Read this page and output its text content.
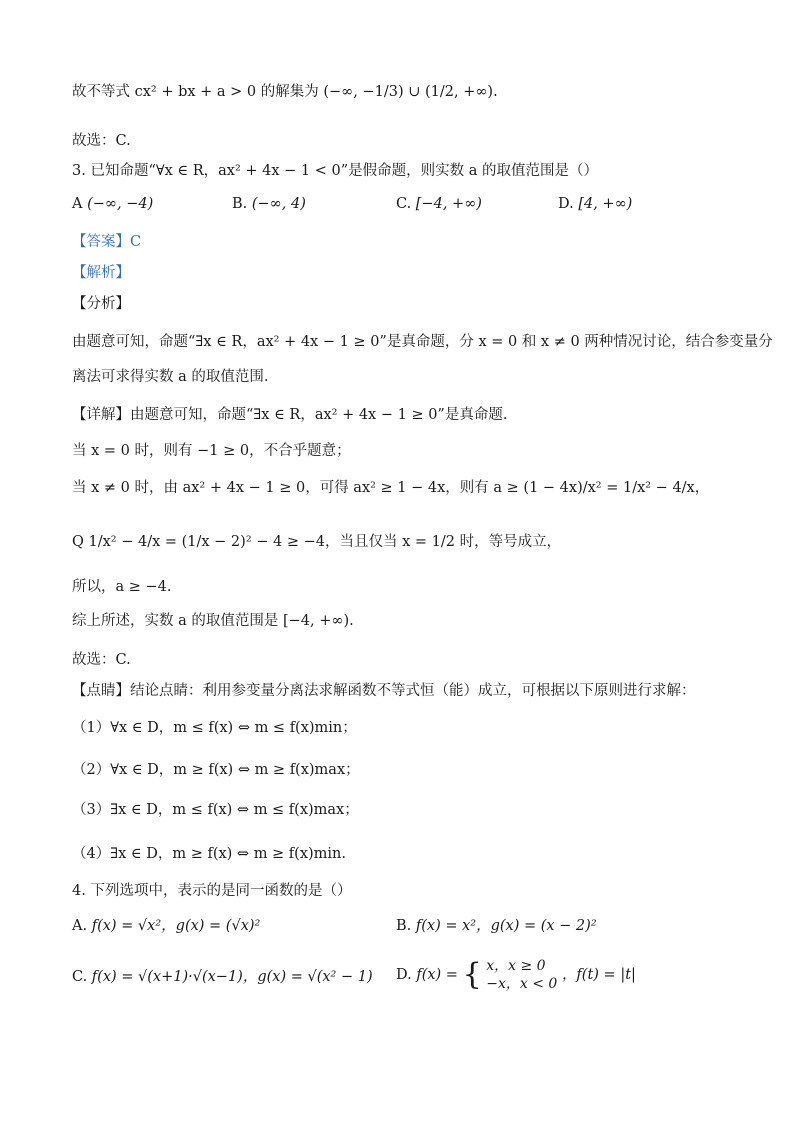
故不等式 cx² + bx + a > 0 的解集为 (−∞, −1/3) ∪ (1/2, +∞).
故选：C.
3. 已知命题“∀x ∈ R，ax² + 4x − 1 < 0”是假命题，则实数 a 的取值范围是（）
A (−∞, −4)	B. (−∞, 4)	C. [−4, +∞)	D. [4, +∞)
【答案】C
【解析】
【分析】
由题意可知，命题“∃x ∈ R，ax² + 4x − 1 ≥ 0”是真命题，分 x = 0 和 x ≠ 0 两种情况讨论，结合参变量分
离法可求得实数 a 的取值范围.
【详解】由题意可知，命题“∃x ∈ R，ax² + 4x − 1 ≥ 0”是真命题.
当 x = 0 时，则有 −1 ≥ 0，不合乎题意；
当 x ≠ 0 时，由 ax² + 4x − 1 ≥ 0，可得 ax² ≥ 1 − 4x，则有 a ≥ (1 − 4x)/x² = 1/x² − 4/x，
Q 1/x² − 4/x = (1/x − 2)² − 4 ≥ −4，当且仅当 x = 1/2 时，等号成立，
所以，a ≥ −4.
综上所述，实数 a 的取值范围是 [−4, +∞).
故选：C.
【点睛】结论点睛：利用参变量分离法求解函数不等式恒（能）成立，可根据以下原则进行求解：
（1）∀x ∈ D，m ≤ f(x) ⇔ m ≤ f(x)min；
（2）∀x ∈ D，m ≥ f(x) ⇔ m ≥ f(x)max；
（3）∃x ∈ D，m ≤ f(x) ⇔ m ≤ f(x)max；
（4）∃x ∈ D，m ≥ f(x) ⇔ m ≥ f(x)min.
4. 下列选项中，表示的是同一函数的是（）
A. f(x) = √x²，g(x) = (√x)²	B. f(x) = x²，g(x) = (x − 2)²
C. f(x) = √(x+1)·√(x−1)，g(x) = √(x² − 1) D. f(x) = { x，x ≥ 0
−x，x < 0
，f(t) = |t|
